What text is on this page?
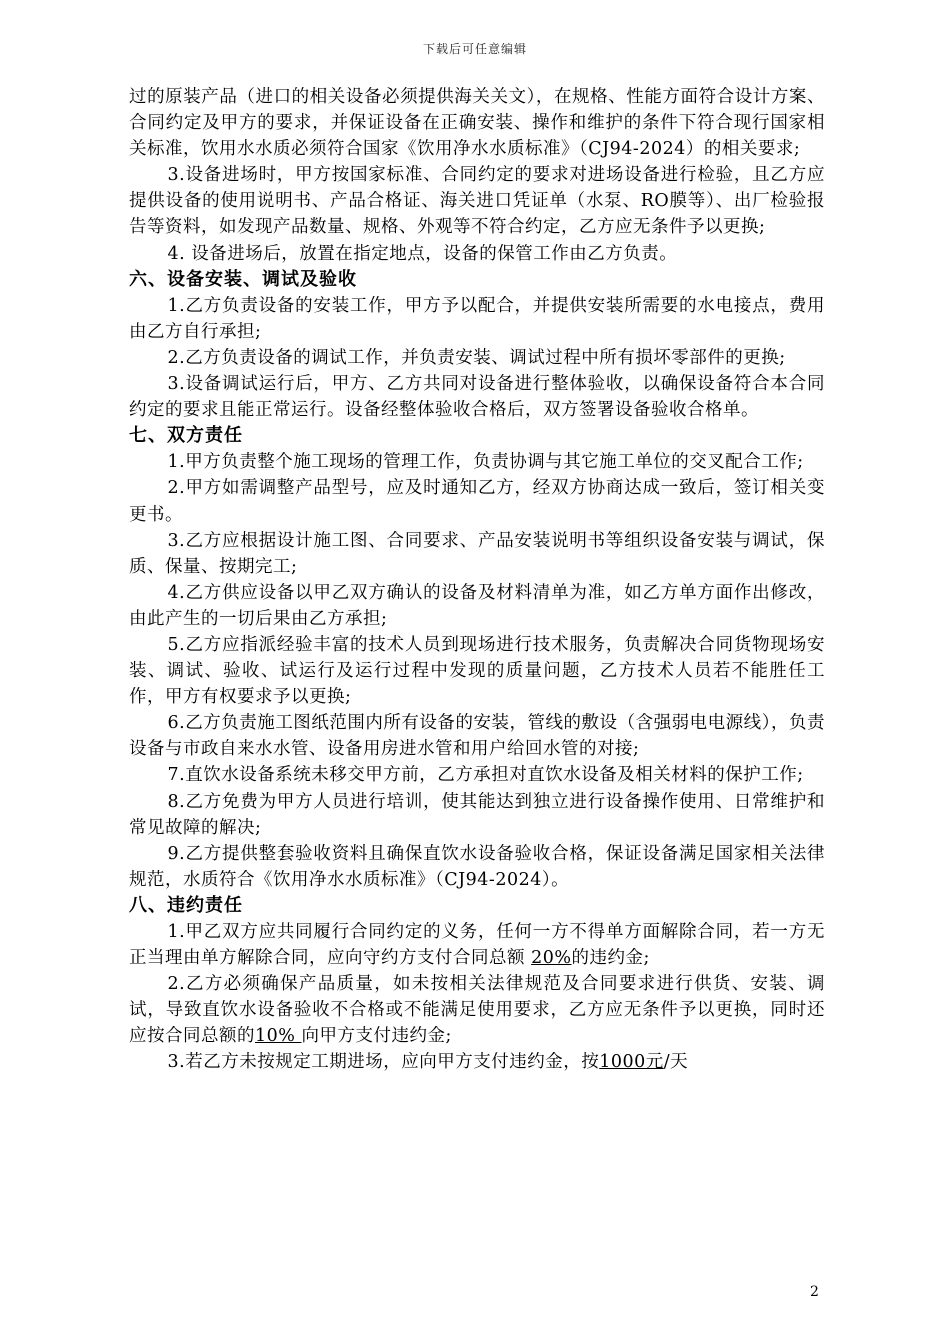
下载后可任意编辑

过的原装产品（进口的相关设备必须提供海关关文），在规格、性能方面符合设计方案、合同约定及甲方的要求，并保证设备在正确安装、操作和维护的条件下符合现行国家相关标准，饮用水水质必须符合国家《饮用净水水质标准》（CJ94-2024）的相关要求;

3.设备进场时，甲方按国家标准、合同约定的要求对进场设备进行检验，且乙方应提供设备的使用说明书、产品合格证、海关进口凭证单（水泵、RO膜等）、出厂检验报告等资料，如发现产品数量、规格、外观等不符合约定，乙方应无条件予以更换;

4. 设备进场后，放置在指定地点，设备的保管工作由乙方负责。

六、设备安装、调试及验收

1.乙方负责设备的安装工作，甲方予以配合，并提供安装所需要的水电接点，费用由乙方自行承担;

2.乙方负责设备的调试工作，并负责安装、调试过程中所有损坏零部件的更换;

3.设备调试运行后，甲方、乙方共同对设备进行整体验收，以确保设备符合本合同约定的要求且能正常运行。设备经整体验收合格后，双方签署设备验收合格单。

七、双方责任

1.甲方负责整个施工现场的管理工作，负责协调与其它施工单位的交叉配合工作;

2.甲方如需调整产品型号，应及时通知乙方，经双方协商达成一致后，签订相关变更书。

3.乙方应根据设计施工图、合同要求、产品安装说明书等组织设备安装与调试，保质、保量、按期完工;

4.乙方供应设备以甲乙双方确认的设备及材料清单为准，如乙方单方面作出修改，由此产生的一切后果由乙方承担;

5.乙方应指派经验丰富的技术人员到现场进行技术服务，负责解决合同货物现场安装、调试、验收、试运行及运行过程中发现的质量问题，乙方技术人员若不能胜任工作，甲方有权要求予以更换;

6.乙方负责施工图纸范围内所有设备的安装，管线的敷设（含强弱电电源线），负责设备与市政自来水水管、设备用房进水管和用户给回水管的对接;

7.直饮水设备系统未移交甲方前，乙方承担对直饮水设备及相关材料的保护工作;

8.乙方免费为甲方人员进行培训，使其能达到独立进行设备操作使用、日常维护和常见故障的解决;

9.乙方提供整套验收资料且确保直饮水设备验收合格，保证设备满足国家相关法律规范，水质符合《饮用净水水质标准》（CJ94-2024）。

八、违约责任

1.甲乙双方应共同履行合同约定的义务，任何一方不得单方面解除合同，若一方无正当理由单方解除合同，应向守约方支付合同总额 20%的违约金;

2.乙方必须确保产品质量，如未按相关法律规范及合同要求进行供货、安装、调试，导致直饮水设备验收不合格或不能满足使用要求，乙方应无条件予以更换，同时还应按合同总额的10% 向甲方支付违约金;

3.若乙方未按规定工期进场，应向甲方支付违约金，按1000元/天

2
